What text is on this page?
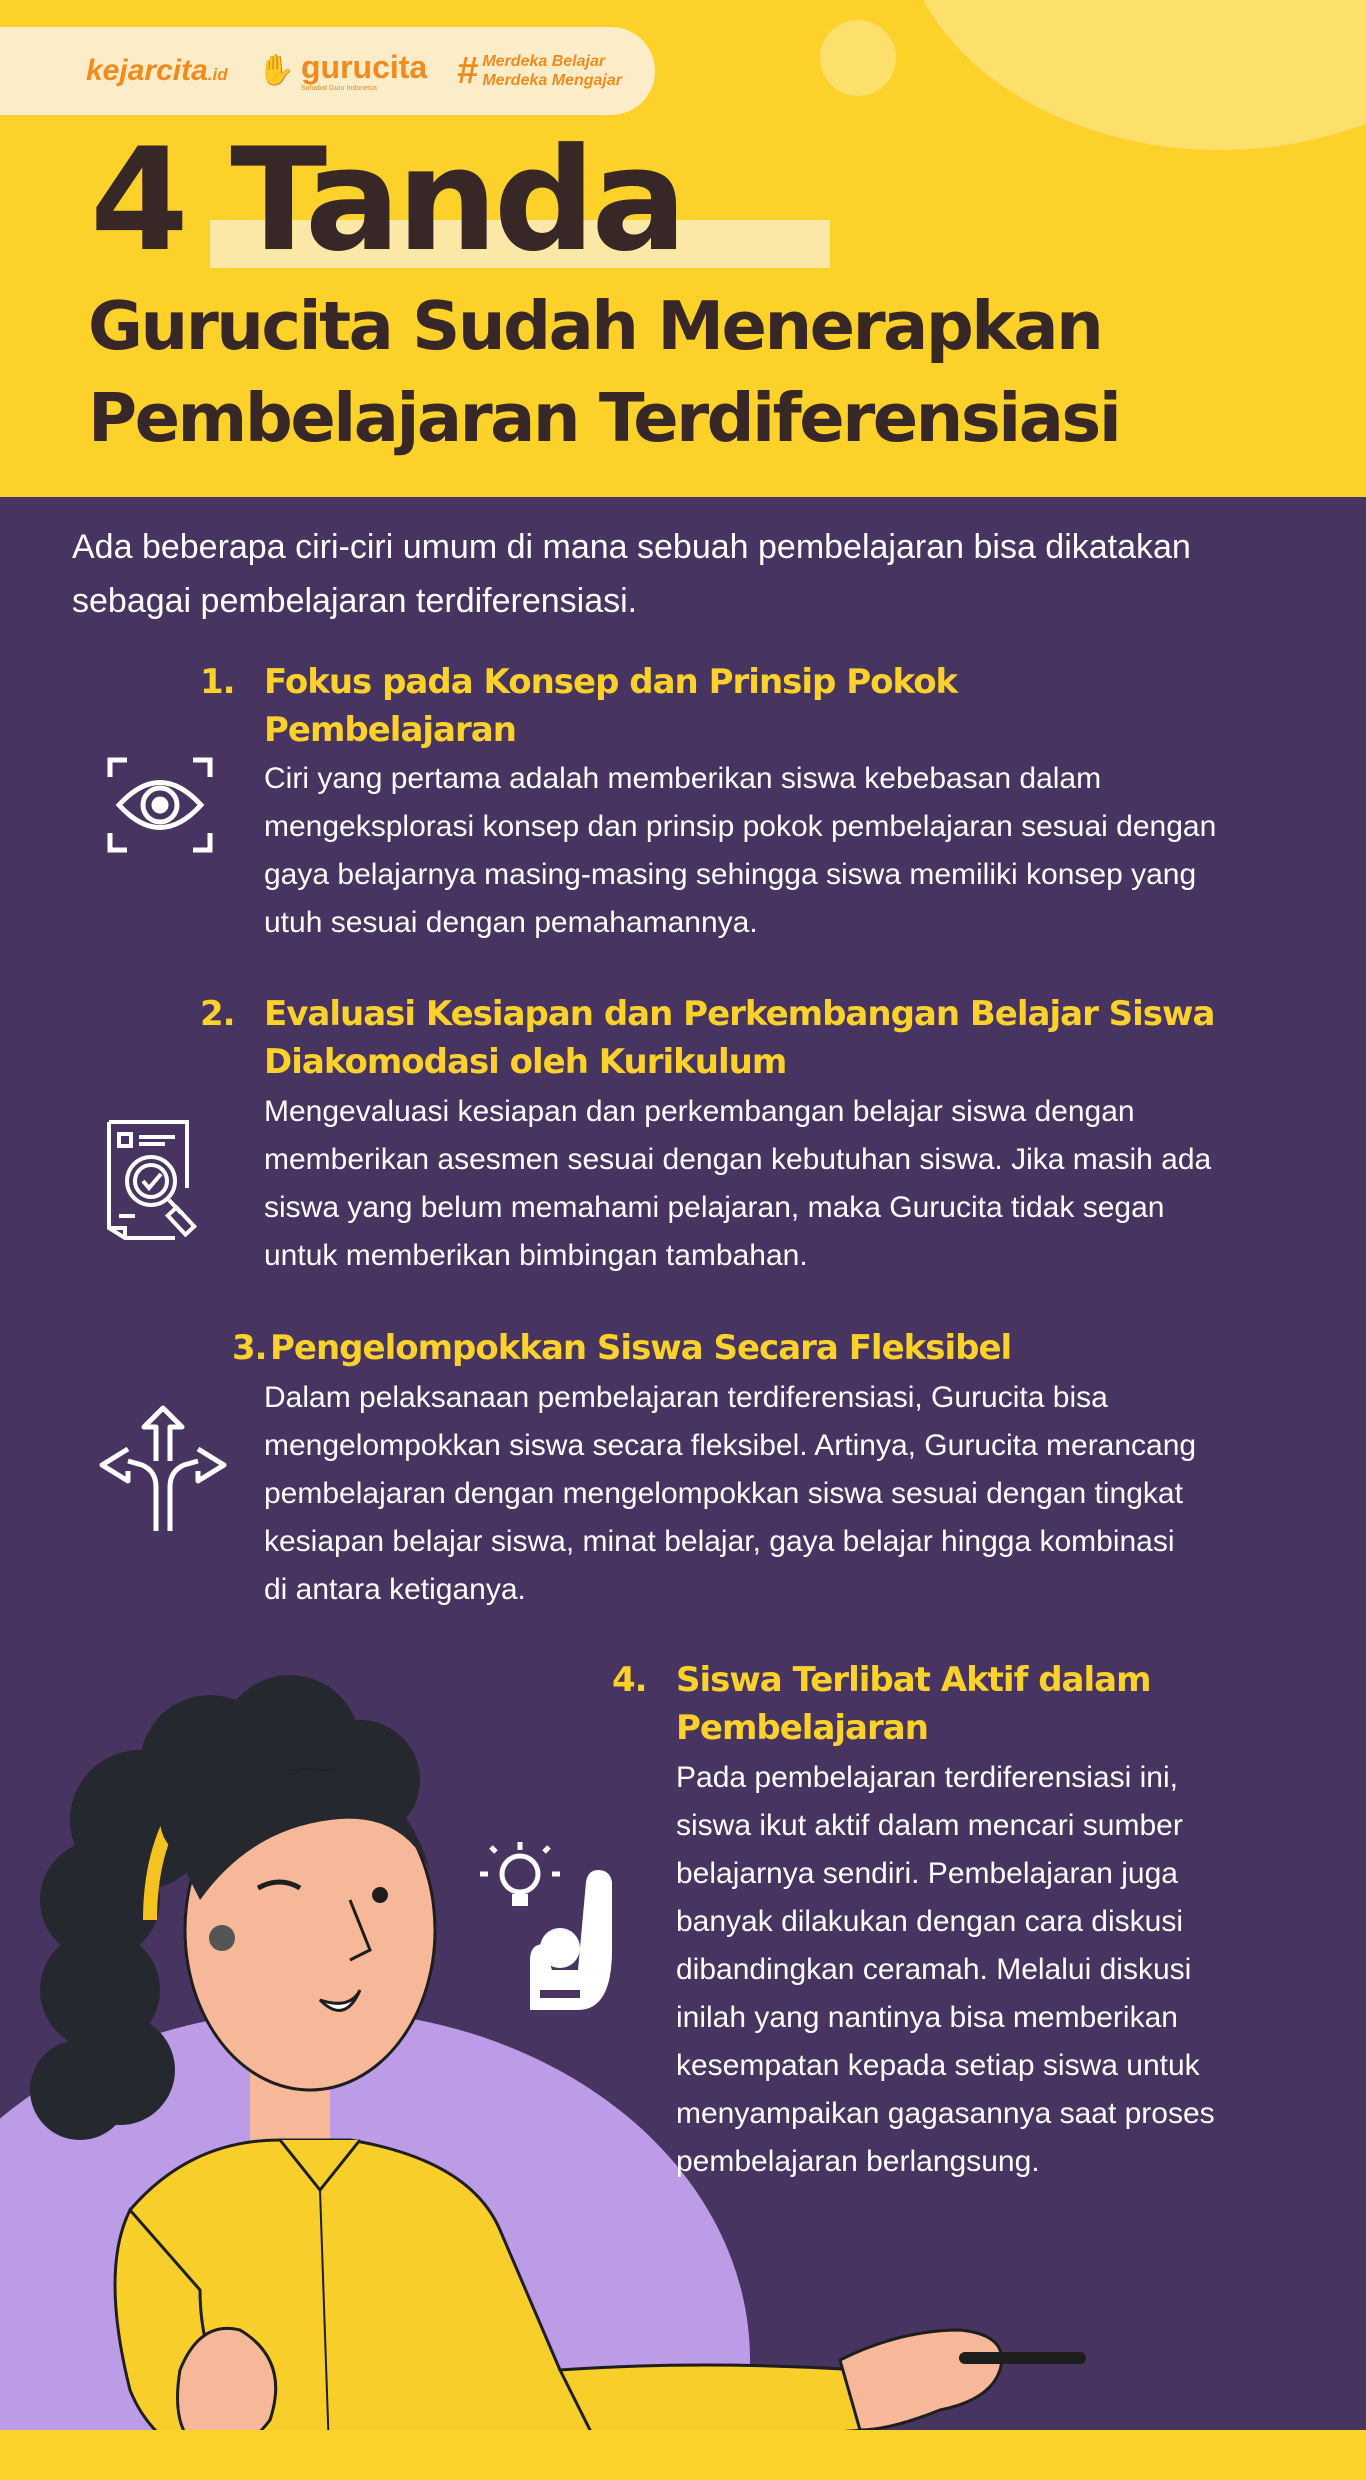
kejarcita .id ✋ gurucita
Sahabat Guru Indonesia	# Merdeka Belajar
Merdeka Mengajar
4 Tanda
Gurucita Sudah Menerapkan
Pembelajaran Terdiferensiasi

Ada beberapa ciri-ciri umum di mana sebuah pembelajaran bisa dikatakan sebagai pembelajaran terdiferensiasi.

1. Fokus pada Konsep dan Prinsip Pokok
Pembelajaran
Ciri yang pertama adalah memberikan siswa kebebasan dalam
mengeksplorasi konsep dan prinsip pokok pembelajaran sesuai dengan
gaya belajarnya masing-masing sehingga siswa memiliki konsep yang
utuh sesuai dengan pemahamannya.
2. Evaluasi Kesiapan dan Perkembangan Belajar Siswa
Diakomodasi oleh Kurikulum
Mengevaluasi kesiapan dan perkembangan belajar siswa dengan
memberikan asesmen sesuai dengan kebutuhan siswa. Jika masih ada
siswa yang belum memahami pelajaran, maka Gurucita tidak segan
untuk memberikan bimbingan tambahan.
3. Pengelompokkan Siswa Secara Fleksibel
Dalam pelaksanaan pembelajaran terdiferensiasi, Gurucita bisa
mengelompokkan siswa secara fleksibel. Artinya, Gurucita merancang
pembelajaran dengan mengelompokkan siswa sesuai dengan tingkat
kesiapan belajar siswa, minat belajar, gaya belajar hingga kombinasi
di antara ketiganya.
4. Siswa Terlibat Aktif dalam
Pembelajaran
Pada pembelajaran terdiferensiasi ini,
siswa ikut aktif dalam mencari sumber
belajarnya sendiri. Pembelajaran juga
banyak dilakukan dengan cara diskusi
dibandingkan ceramah. Melalui diskusi
inilah yang nantinya bisa memberikan
kesempatan kepada setiap siswa untuk
menyampaikan gagasannya saat proses
pembelajaran berlangsung.
